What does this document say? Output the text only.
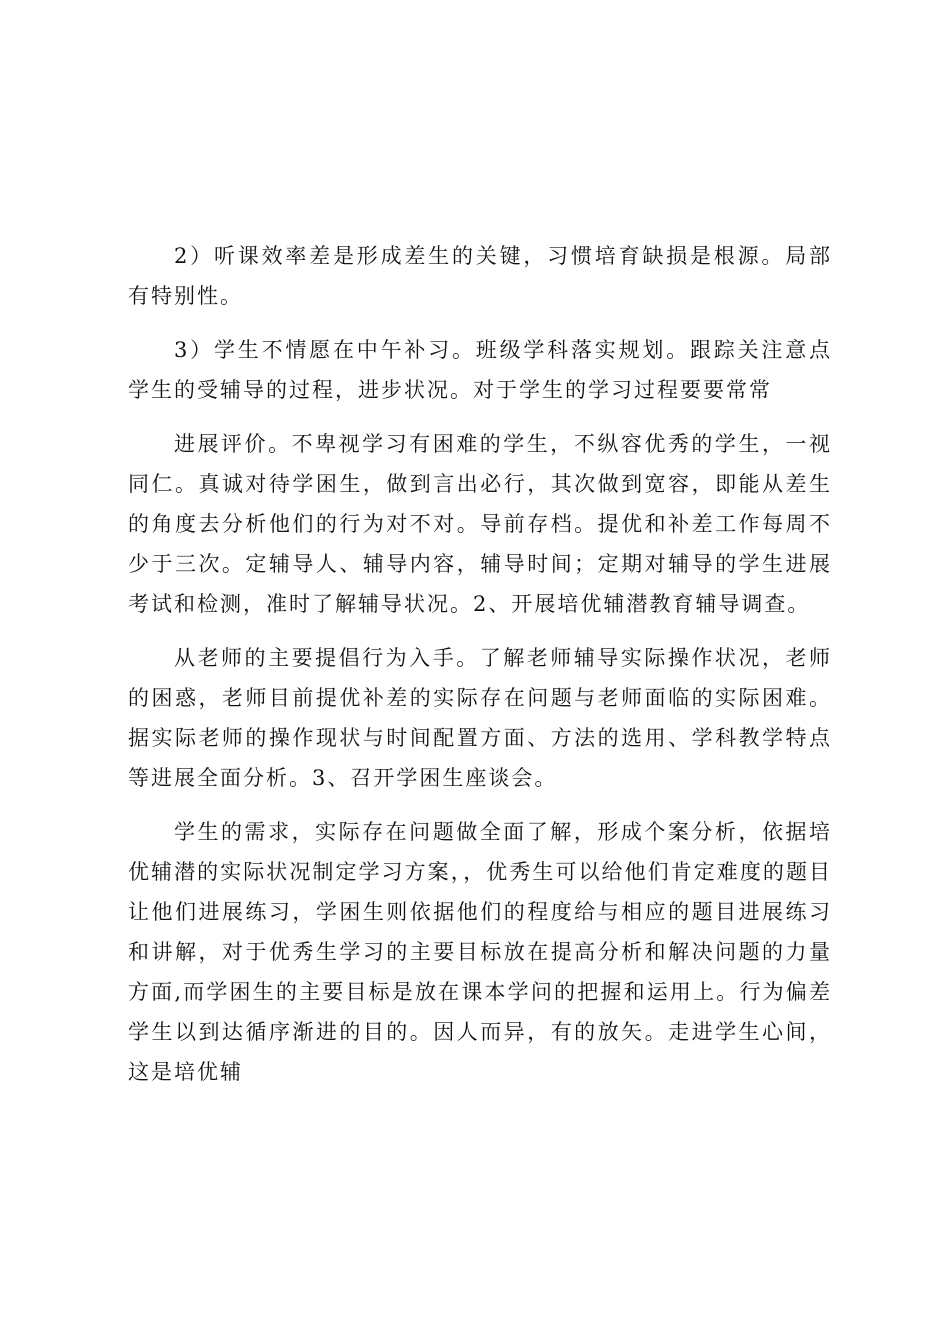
2）听课效率差是形成差生的关键，习惯培育缺损是根源。局部有特别性。

3）学生不情愿在中午补习。班级学科落实规划。跟踪关注意点学生的受辅导的过程，进步状况。对于学生的学习过程要要常常

进展评价。不卑视学习有困难的学生，不纵容优秀的学生，一视同仁。真诚对待学困生，做到言出必行，其次做到宽容，即能从差生的角度去分析他们的行为对不对。导前存档。提优和补差工作每周不少于三次。定辅导人、辅导内容，辅导时间；定期对辅导的学生进展考试和检测，准时了解辅导状况。2、开展培优辅潜教育辅导调查。

从老师的主要提倡行为入手。了解老师辅导实际操作状况，老师的困惑，老师目前提优补差的实际存在问题与老师面临的实际困难。据实际老师的操作现状与时间配置方面、方法的选用、学科教学特点等进展全面分析。3、召开学困生座谈会。

学生的需求，实际存在问题做全面了解，形成个案分析，依据培优辅潜的实际状况制定学习方案，，优秀生可以给他们肯定难度的题目让他们进展练习，学困生则依据他们的程度给与相应的题目进展练习和讲解，对于优秀生学习的主要目标放在提高分析和解决问题的力量方面,而学困生的主要目标是放在课本学问的把握和运用上。行为偏差学生以到达循序渐进的目的。因人而异，有的放矢。走进学生心间，这是培优辅
